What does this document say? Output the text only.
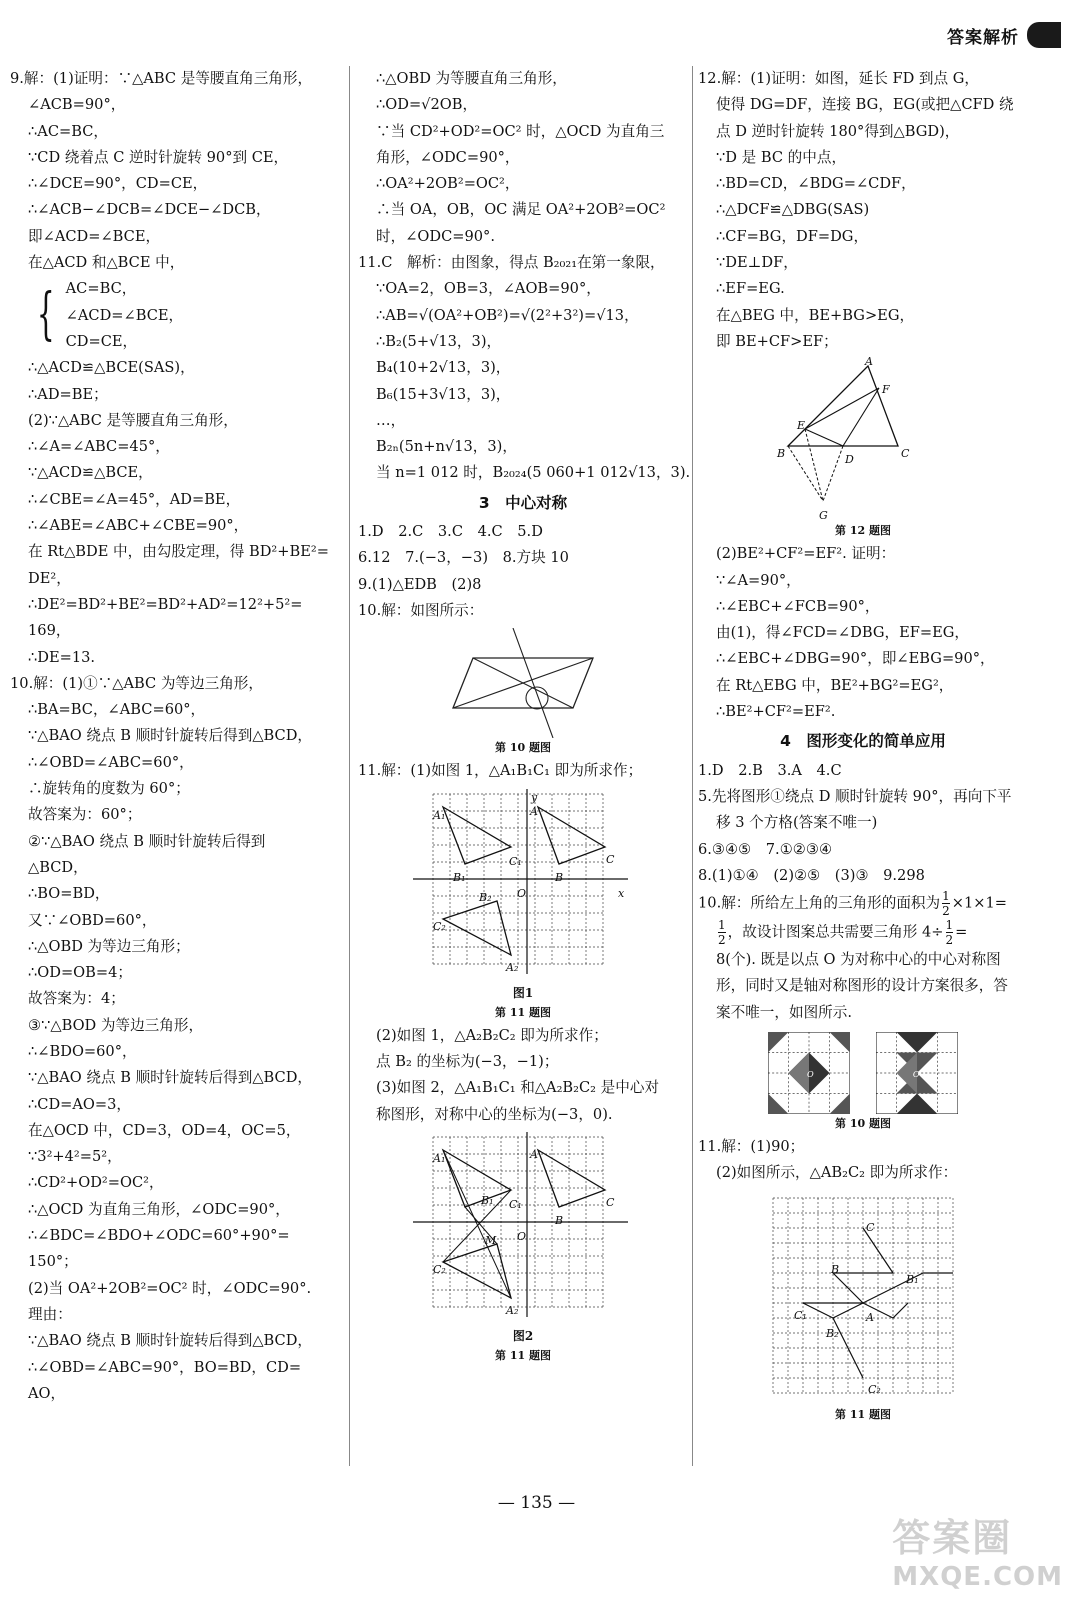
答案解析

9.解：(1)证明：∵△ABC 是等腰直角三角形，

∠ACB=90°，

∴AC=BC，

∵CD 绕着点 C 逆时针旋转 90°到 CE，

∴∠DCE=90°，CD=CE，

∴∠ACB−∠DCB=∠DCE−∠DCB，

即∠ACD=∠BCE，

在△ACD 和△BCE 中，

{ AC=BC，

∠ACD=∠BCE，

CD=CE，

∴△ACD≌△BCE(SAS)，

∴AD=BE；

(2)∵△ABC 是等腰直角三角形，

∴∠A=∠ABC=45°，

∵△ACD≌△BCE，

∴∠CBE=∠A=45°，AD=BE，

∴∠ABE=∠ABC+∠CBE=90°，

在 Rt△BDE 中，由勾股定理，得 BD²+BE²=

DE²，

∴DE²=BD²+BE²=BD²+AD²=12²+5²=

169，

∴DE=13.

10.解：(1)①∵△ABC 为等边三角形，

∴BA=BC，∠ABC=60°，

∵△BAO 绕点 B 顺时针旋转后得到△BCD，

∴∠OBD=∠ABC=60°，

∴旋转角的度数为 60°；

故答案为：60°；

②∵△BAO 绕点 B 顺时针旋转后得到

△BCD，

∴BO=BD，

又∵∠OBD=60°，

∴△OBD 为等边三角形；

∴OD=OB=4；

故答案为：4；

③∵△BOD 为等边三角形，

∴∠BDO=60°，

∵△BAO 绕点 B 顺时针旋转后得到△BCD，

∴CD=AO=3，

在△OCD 中，CD=3，OD=4，OC=5，

∵3²+4²=5²，

∴CD²+OD²=OC²，

∴△OCD 为直角三角形，∠ODC=90°，

∴∠BDC=∠BDO+∠ODC=60°+90°=

150°；

(2)当 OA²+2OB²=OC² 时，∠ODC=90°.

理由：

∵△BAO 绕点 B 顺时针旋转后得到△BCD，

∴∠OBD=∠ABC=90°，BO=BD，CD=

AO，

∴△OBD 为等腰直角三角形，

∴OD=√2OB，

∵当 CD²+OD²=OC² 时，△OCD 为直角三

角形，∠ODC=90°，

∴OA²+2OB²=OC²，

∴当 OA，OB，OC 满足 OA²+2OB²=OC²

时，∠ODC=90°.

11.C　解析：由图象，得点 B₂₀₂₁在第一象限，

∵OA=2，OB=3，∠AOB=90°，

∴AB=√(OA²+OB²)=√(2²+3²)=√13，

∴B₂(5+√13，3)，

B₄(10+2√13，3)，

B₆(15+3√13，3)，

…，

B₂ₙ(5n+n√13，3)，

当 n=1 012 时，B₂₀₂₄(5 060+1 012√13，3).

3　中心对称

1.D　2.C　3.C　4.C　5.D

6.12　7.(−3，−3)　8.方块 10

9.(1)△EDB　(2)8

10.解：如图所示：

第 10 题图

11.解：(1)如图 1，△A₁B₁C₁ 即为所求作；

A₁	A
C₁	C
B₁	B
B₂
C₂
A₂
O	x
y

图1

第 11 题图

(2)如图 1，△A₂B₂C₂ 即为所求作；

点 B₂ 的坐标为(−3，−1)；

(3)如图 2，△A₁B₁C₁ 和△A₂B₂C₂ 是中心对

称图形，对称中心的坐标为(−3，0).

A₁	A
C₁	C
B₁
B
M
C₂
A₂
O

图2

第 11 题图

12.解：(1)证明：如图，延长 FD 到点 G，

使得 DG=DF，连接 BG，EG(或把△CFD 绕

点 D 逆时针旋转 180°得到△BGD)，

∵D 是 BC 的中点，

∴BD=CD，∠BDG=∠CDF，

∴△DCF≌△DBG(SAS)

∴CF=BG，DF=DG，

∵DE⊥DF，

∴EF=EG.

在△BEG 中，BE+BG>EG，

即 BE+CF>EF；

A
F
E
B	D	C
G

第 12 题图

(2)BE²+CF²=EF². 证明：

∵∠A=90°，

∴∠EBC+∠FCB=90°，

由(1)，得∠FCD=∠DBG，EF=EG，

∴∠EBC+∠DBG=90°，即∠EBG=90°，

在 Rt△EBG 中，BE²+BG²=EG²，

∴BE²+CF²=EF².

4　图形变化的简单应用

1.D　2.B　3.A　4.C

5.先将图形①绕点 D 顺时针旋转 90°，再向下平

移 3 个方格(答案不唯一)

6.③④⑤　7.①②③④

8.(1)①④　(2)②⑤　(3)③　9.298

10.解：所给左上角的三角形的面积为 $\frac{1}{2} \times 1\times 1=$

$\frac{1}{2}$ ，故设计图案总共需要三角形 $4\div \frac{1}{2}$ =

8(个). 既是以点 O 为对称中心的中心对称图

形，同时又是轴对称图形的设计方案很多，答

案不唯一，如图所示.

O	O

第 10 题图

11.解：(1)90；

(2)如图所示，△AB₂C₂ 即为所求作：

C
B
B₁
C₁	A
B₂
C₂

第 11 题图

— 135 —
答案圈
MXQE.COM
